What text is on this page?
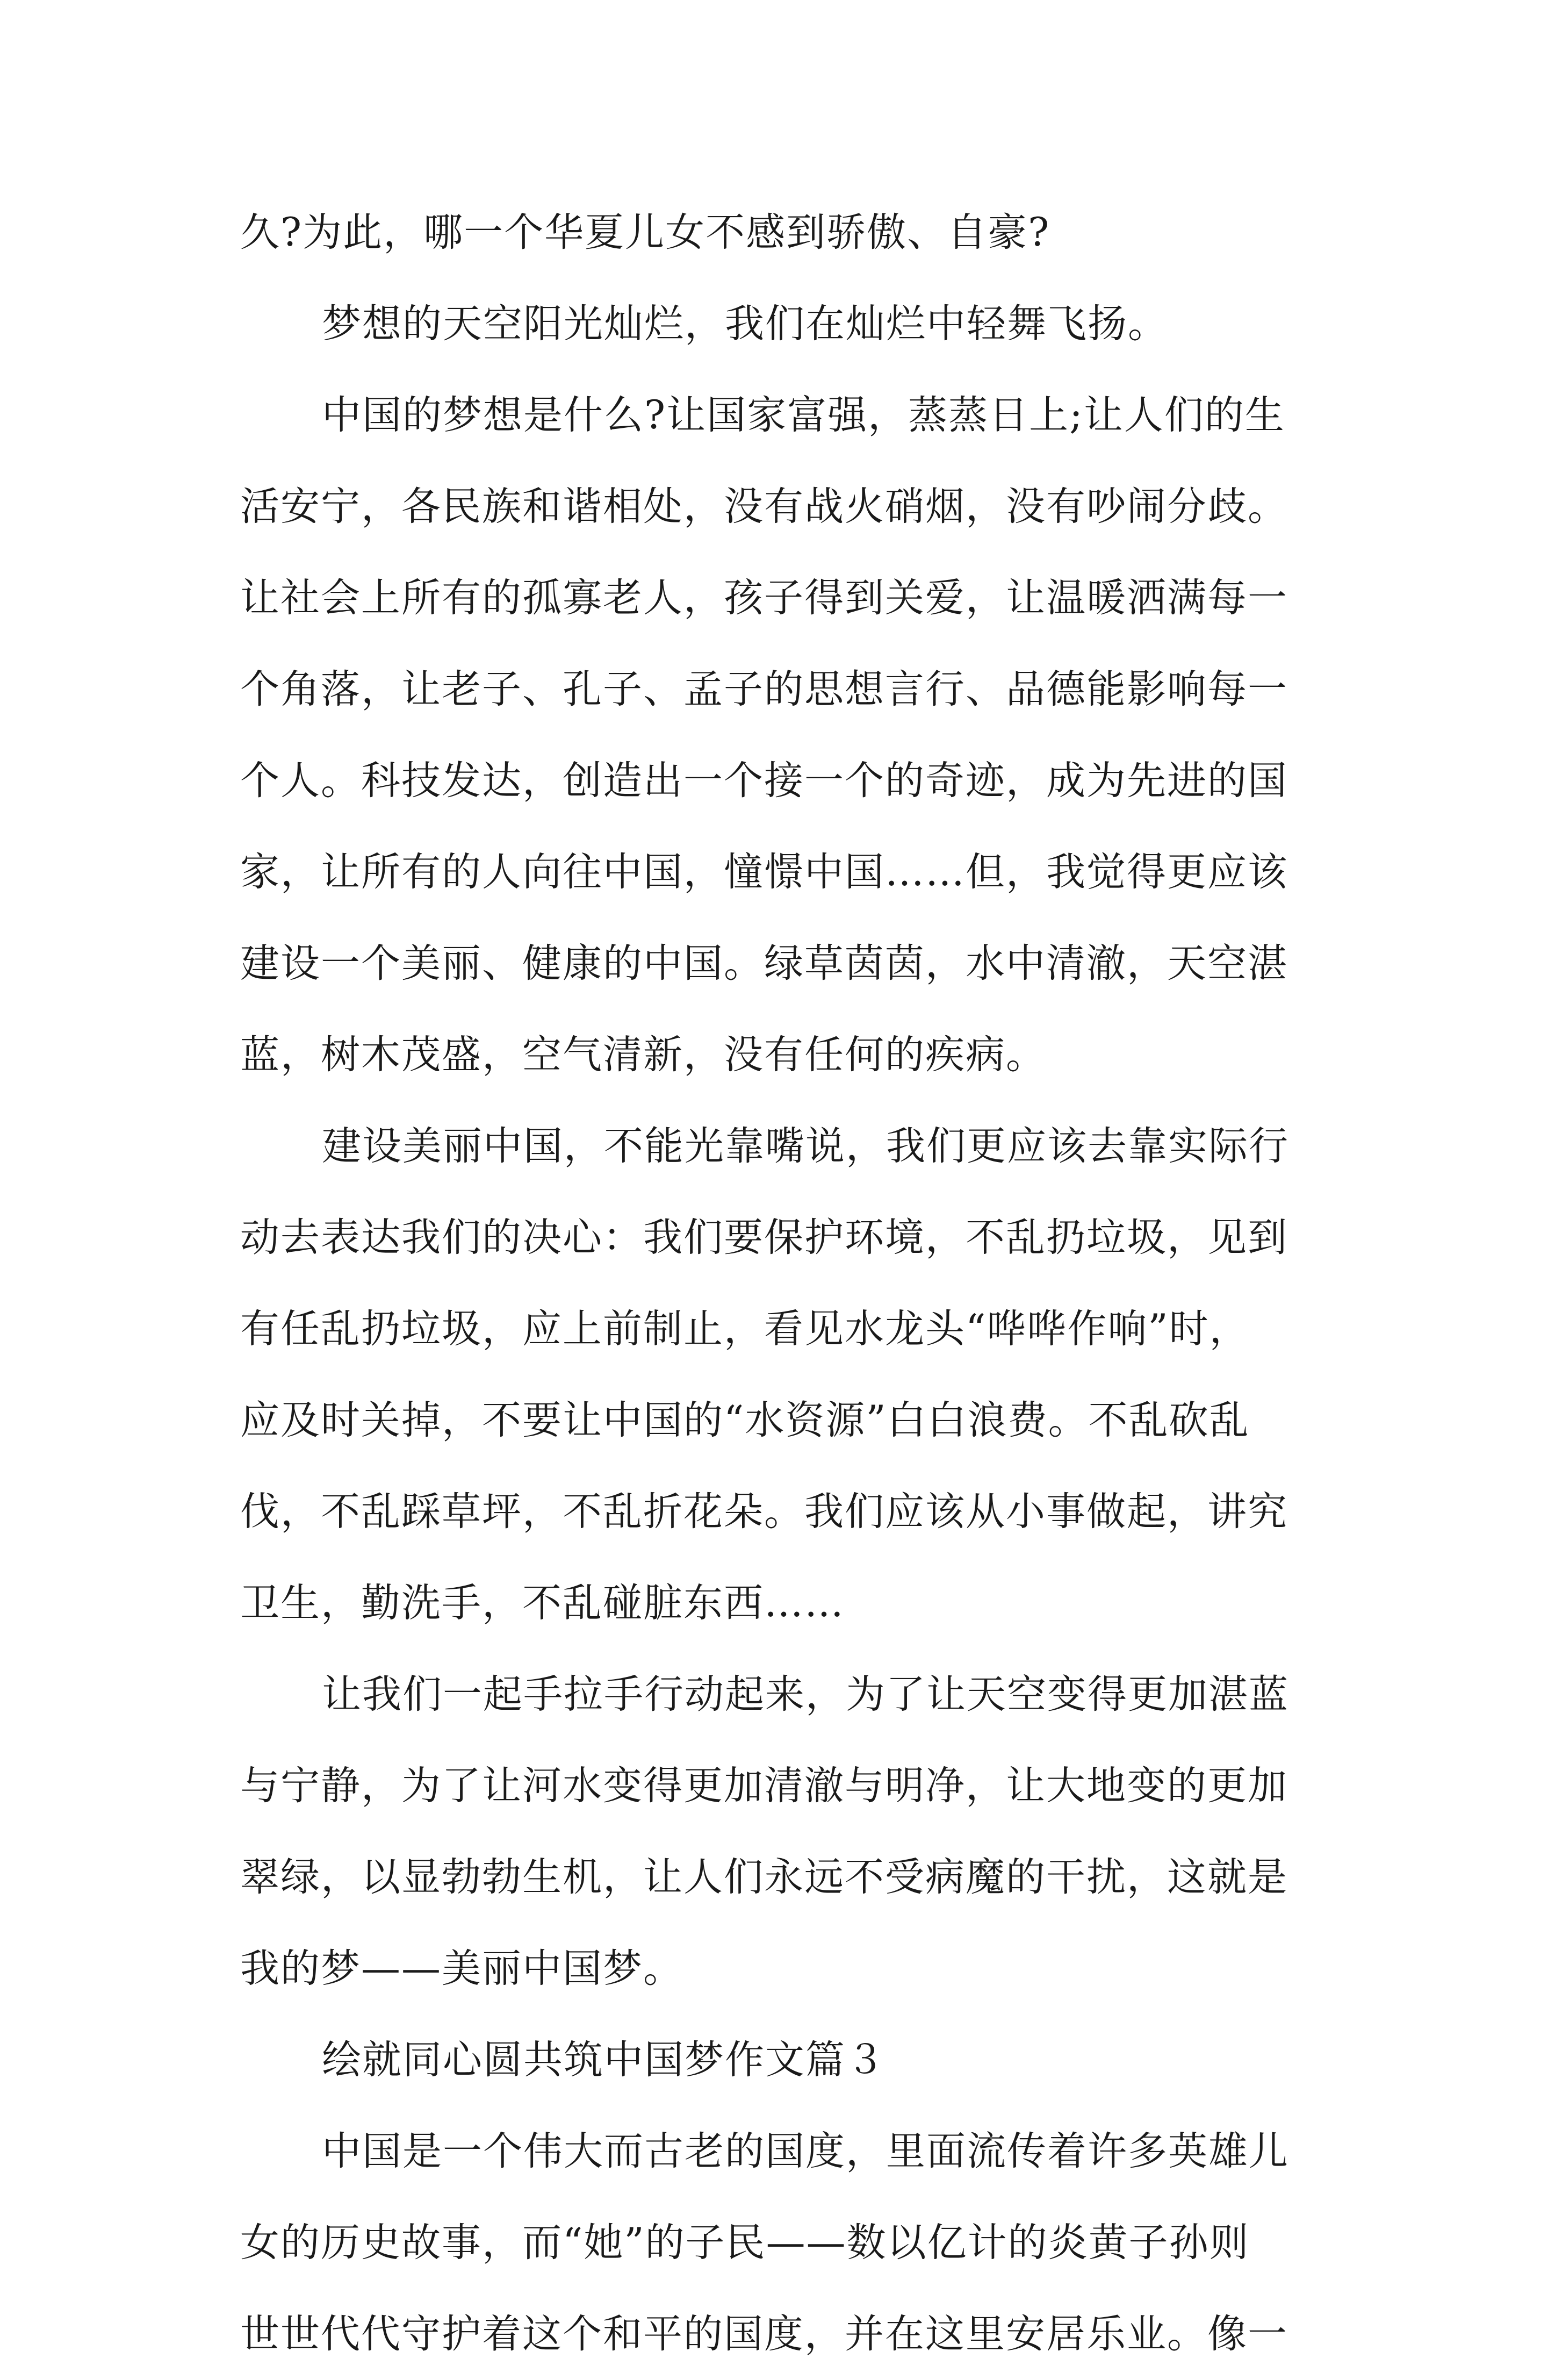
久?为此，哪一个华夏儿女不感到骄傲、自豪?
梦想的天空阳光灿烂，我们在灿烂中轻舞飞扬。
中国的梦想是什么?让国家富强，蒸蒸日上;让人们的生
活安宁，各民族和谐相处，没有战火硝烟，没有吵闹分歧。
让社会上所有的孤寡老人，孩子得到关爱，让温暖洒满每一
个角落，让老子、孔子、孟子的思想言行、品德能影响每一
个人。科技发达，创造出一个接一个的奇迹，成为先进的国
家，让所有的人向往中国，憧憬中国……但，我觉得更应该
建设一个美丽、健康的中国。绿草茵茵，水中清澈，天空湛
蓝，树木茂盛，空气清新，没有任何的疾病。
建设美丽中国，不能光靠嘴说，我们更应该去靠实际行
动去表达我们的决心：我们要保护环境，不乱扔垃圾，见到
有任乱扔垃圾，应上前制止，看见水龙头“哗哗作响”时，
应及时关掉，不要让中国的“水资源”白白浪费。不乱砍乱
伐，不乱踩草坪，不乱折花朵。我们应该从小事做起，讲究
卫生，勤洗手，不乱碰脏东西……
让我们一起手拉手行动起来，为了让天空变得更加湛蓝
与宁静，为了让河水变得更加清澈与明净，让大地变的更加
翠绿，以显勃勃生机，让人们永远不受病魔的干扰，这就是
我的梦——美丽中国梦。
绘就同心圆共筑中国梦作文篇３
中国是一个伟大而古老的国度，里面流传着许多英雄儿
女的历史故事，而“她”的子民——数以亿计的炎黄子孙则
世世代代守护着这个和平的国度，并在这里安居乐业。像一
